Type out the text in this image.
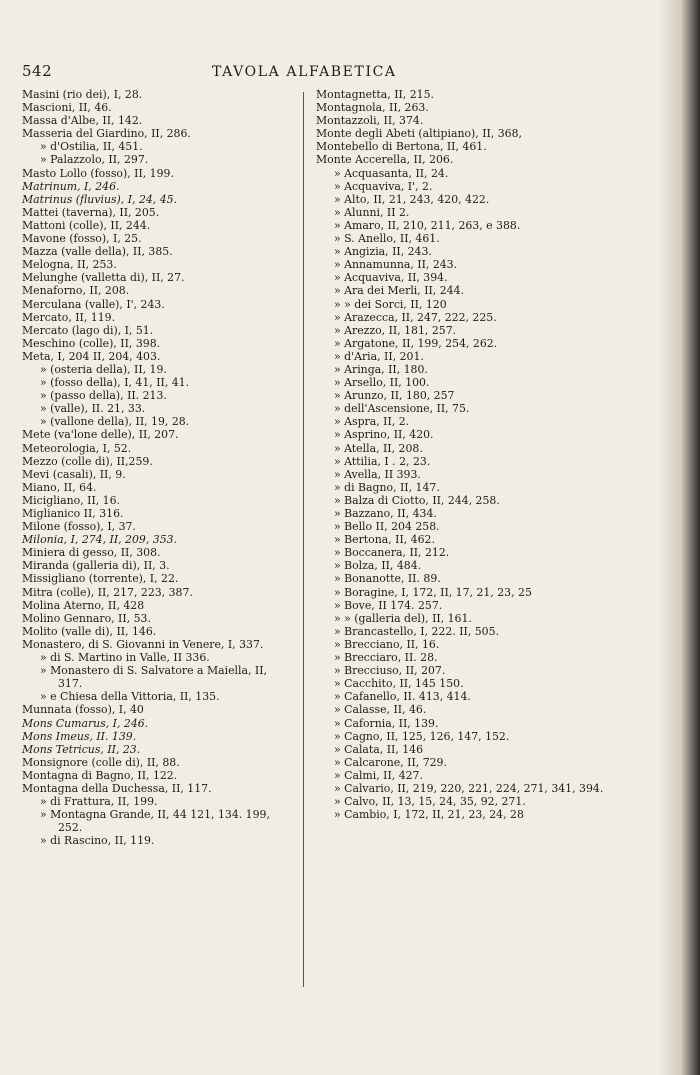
542	TAVOLA ALFABETICA
Masini (rio dei), I, 28.
Mascioni, II, 46.
Massa d'Albe, II, 142.
Masseria del Giardino, II, 286.
» d'Ostilia, II, 451.
» Palazzolo, II, 297.
Masto Lollo (fosso), II, 199.
Matrinum, I, 246.
Matrinus (fluvius), I, 24, 45.
Mattei (taverna), II, 205.
Mattoni (colle), II, 244.
Mavone (fosso), I, 25.
Mazza (valle della), II, 385.
Melogna, II, 253.
Melunghe (valletta di), II, 27.
Menaforno, II, 208.
Merculana (valle), I', 243.
Mercato, II, 119.
Mercato (lago di), I, 51.
Meschino (colle), II, 398.
Meta, I, 204 II, 204, 403.
» (osteria della), II, 19.
» (fosso della), I, 41, II, 41.
» (passo della), II. 213.
» (valle), II. 21, 33.
» (vallone della), II, 19, 28.
Mete (va'lone delle), II, 207.
Meteorologia, I, 52.
Mezzo (colle di), II,259.
Mevi (casali), II, 9.
Miano, II, 64.
Micigliano, II, 16.
Miglianico II, 316.
Milone (fosso), I, 37.
Milonia, I, 274, II, 209, 353.
Miniera di gesso, II, 308.
Miranda (galleria di), II, 3.
Missigliano (torrente), I, 22.
Mitra (colle), II, 217, 223, 387.
Molina Aterno, II, 428
Molino Gennaro, II, 53.
Molito (valle di), II, 146.
Monastero, di S. Giovanni in Venere, I, 337.
» di S. Martino in Valle, II 336.
» Monastero di S. Salvatore a Maiella, II, 317.
» e Chiesa della Vittoria, II, 135.
Munnata (fosso), I, 40
Mons Cumarus, I, 246.
Mons Imeus, II. 139.
Mons Tetricus, II, 23.
Monsignore (colle di), II, 88.
Montagna di Bagno, II, 122.
Montagna della Duchessa, II, 117.
» di Frattura, II, 199.
» Montagna Grande, II, 44 121, 134. 199, 252.
» di Rascino, II, 119.
Montagnetta, II, 215.
Montagnola, II, 263.
Montazzoli, II, 374.
Monte degli Abeti (altipiano), II, 368,
Montebello di Bertona, II, 461.
Monte Accerella, II, 206.
» Acquasanta, II, 24.
» Acquaviva, I', 2.
» Alto, II, 21, 243, 420, 422.
» Alunni, II 2.
» Amaro, II, 210, 211, 263, e 388.
» S. Anello, II, 461.
» Angizia, II, 243.
» Annamunna, II, 243.
» Acquaviva, II, 394.
» Ara dei Merli, II, 244.
» » dei Sorci, II, 120
» Arazecca, II, 247, 222, 225.
» Arezzo, II, 181, 257.
» Argatone, II, 199, 254, 262.
» d'Aria, II, 201.
» Aringa, II, 180.
» Arsello, II, 100.
» Arunzo, II, 180, 257
» dell'Ascensione, II, 75.
» Aspra, II, 2.
» Asprino, II, 420.
» Atella, II, 208.
» Attilia, I . 2, 23.
» Avella, II 393.
» di Bagno, II, 147.
» Balza di Ciotto, II, 244, 258.
» Bazzano, II, 434.
» Bello II, 204 258.
» Bertona, II, 462.
» Boccanera, II, 212.
» Bolza, II, 484.
» Bonanotte, II. 89.
» Boragine, I, 172, II, 17, 21, 23, 25
» Bove, II 174. 257.
» » (galleria del), II, 161.
» Brancastello, I, 222. II, 505.
» Brecciano, II, 16.
» Brecciaro, II. 28.
» Brecciuso, II, 207.
» Cacchito, II, 145 150.
» Cafanello, II. 413, 414.
» Calasse, II, 46.
» Cafornia, II, 139.
» Cagno, II, 125, 126, 147, 152.
» Calata, II, 146
» Calcarone, II, 729.
» Calmi, II, 427.
» Calvario, II, 219, 220, 221, 224, 271, 341, 394.
» Calvo, II, 13, 15, 24, 35, 92, 271.
» Cambio, I, 172, II, 21, 23, 24, 28
